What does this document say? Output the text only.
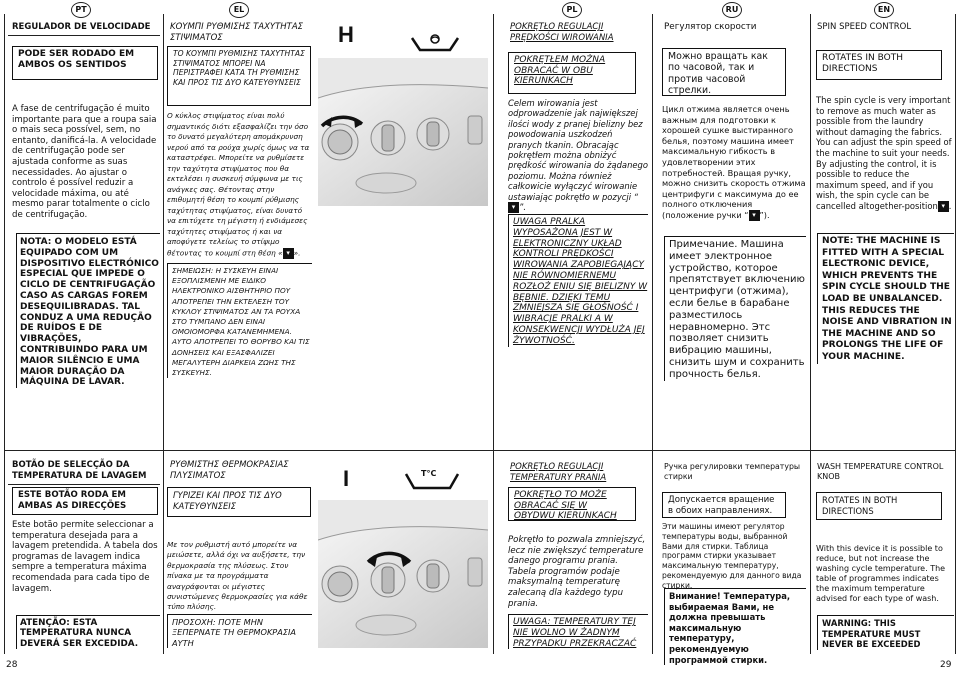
PT	EL	PL	RU	EN
REGULADOR DE VELOCIDADE
PODE SER RODADO EM AMBOS OS SENTIDOS
A fase de centrifugação é muito importante para que a roupa saia o mais seca possível, sem, no entanto, danificá-la. A velocidade de centrifugação pode ser ajustada conforme as suas necessidades. Ao ajustar o controlo é possível reduzir a velocidade máxima, ou até mesmo parar totalmente o ciclo de centrifugação.
NOTA: O MODELO ESTÁ EQUIPADO COM UM DISPOSITIVO ELECTRÓNICO ESPECIAL QUE IMPEDE O CICLO DE CENTRIFUGAÇÃO CASO AS CARGAS FOREM DESEQUILIBRADAS. TAL CONDUZ A UMA REDUÇÃO DE RUÍDOS E DE VIBRAÇÕES, CONTRIBUINDO PARA UM MAIOR SILÊNCIO E UMA MAIOR DURAÇÃO DA MÁQUINA DE LAVAR.
ΚΟΥΜΠΙ ΡΥΘΜΙΣΗΣ ΤΑΧΥΤΗΤΑΣ ΣΤΙΨΙΜΑΤΟΣ
ΤΟ ΚΟΥΜΠΙ ΡΥΘΜΙΣΗΣ ΤΑΧΥΤΗΤΑΣ ΣΤΙΨΙΜΑΤΟΣ ΜΠΟΡΕΙ ΝΑ ΠΕΡΙΣΤΡΑΦΕΙ ΚΑΤΑ ΤΗ ΡΥΘΜΙΣΗΣ ΚΑΙ ΠΡΟΣ ΤΙΣ ΔΥΟ ΚΑΤΕΥΘΥΝΣΕΙΣ
Ο κύκλος στιψίματος είναι πολύ σημαντικός διότι εξασφαλίζει την όσο το δυνατό μεγαλύτερη απομάκρυνση νερού από τα ρούχα χωρίς όμως να τα καταστρέφει. Μπορείτε να ρυθμίσετε την ταχύτητα στιψίματος που θα εκτελέσει η συσκευή σύμφωνα με τις ανάγκες σας. Θέτοντας στην επιθυμητή θέση το κουμπί ρύθμισης ταχύτητας στιψίματος, είναι δυνατό να επιτύχετε τη μέγιστη ή ενδιάμεσες ταχύτητες στιψίματος ή και να αποφύγετε τελείως το στίψιμο θέτοντας το κουμπί στη θέση « ▾ ».
ΣΗΜΕΙΩΣΗ: Η ΣΥΣΚΕΥΗ ΕΙΝΑΙ ΕΞΟΠΛΙΣΜΕΝΗ ΜΕ ΕΙΔΙΚΟ ΗΛΕΚΤΡΟΝΙΚΟ ΑΙΣΘΗΤΗΡΙΟ ΠΟΥ ΑΠΟΤΡΕΠΕΙ ΤΗΝ ΕΚΤΕΛΕΣΗ ΤΟΥ ΚΥΚΛΟΥ ΣΤΙΨΙΜΑΤΟΣ ΑΝ ΤΑ ΡΟΥΧΑ ΣΤΟ ΤΥΜΠΑΝΟ ΔΕΝ ΕΙΝΑΙ ΟΜΟΙΟΜΟΡΦΑ ΚΑΤΑΝΕΜΗΜΕΝΑ. ΑΥΤΟ ΑΠΟΤΡΕΠΕΙ ΤΟ ΘΟΡΥΒΟ ΚΑΙ ΤΙΣ ΔΟΝΗΣΕΙΣ ΚΑΙ ΕΞΑΣΦΑΛΙΖΕΙ ΜΕΓΑΛΥΤΕΡΗ ΔΙΑΡΚΕΙΑ ΖΩΗΣ ΤΗΣ ΣΥΣΚΕΥΗΣ.
H	POKRĘTŁO REGULACJI PRĘDKOŚCI WIROWANIA
POKRĘTŁEM MOŻNA OBRACAĆ W OBU KIERUNKACH
Celem wirowania jest odprowadzenie jak największej ilości wody z pranej bielizny bez powodowania uszkodzeń pranych tkanin. Obracając pokrętłem można obniżyć prędkość wirowania do żądanego poziomu. Można również całkowicie wyłączyć wirowanie ustawiając pokrętło w pozycji “▾ ”.
UWAGA PRALKA WYPOSAŻONA JEST W ELEKTRONICZNY UKŁAD KONTROLI PRĘDKOŚCI WIROWANIA ZAPOBIEGAJĄCY NIE RÓWNOMIERNEMU ROZŁOŻ ENIU SIĘ BIELIZNY W BĘBNIE. DZIĘKI TEMU ZMNIEJSZA SIĘ GŁOŚNOŚĆ I WIBRACJE PRALKI A W KONSEKWENCJI WYDŁUŻA JEJ ŻYWOTNOŚĆ.
Регулятор скорости
Можно вращать как по часовой, так и против часовой стрелки.
Цикл отжима является очень важным для подготовки к хорошей сушке выстиранного белья, поэтому машина имеет максимальную гибкость в удовлетворении этих потребностей. Вращая ручку, можно снизить скорость отжима центрифуги с максимума до ее полного отключения (положение ручки “ ▾ ”).
Примечание. Машина имеет электронное устройство, которое препятствует включению центрифуги (отжима), если белье в барабане размеcтилось неравномерно. Этс позволяет снизить вибрацию машины, снизить шум и сохранить прочность белья.
SPIN SPEED CONTROL
ROTATES IN BOTH DIRECTIONS
The spin cycle is very important to remove as much water as possible from the laundry without damaging the fabrics. You can adjust the spin speed of the machine to suit your needs. By adjusting the control, it is possible to reduce the maximum speed, and if you wish, the spin cycle can be cancelled altogether-position ▾ .
NOTE: THE MACHINE IS FITTED WITH A SPECIAL ELECTRONIC DEVICE, WHICH PREVENTS THE SPIN CYCLE SHOULD THE LOAD BE UNBALANCED. THIS REDUCES THE NOISE AND VIBRATION IN THE MACHINE AND SO PROLONGS THE LIFE OF YOUR MACHINE.
BOTÃO DE SELECÇÃO DA TEMPERATURA DE LAVAGEM
ESTE BOTÃO RODA EM AMBAS AS DIRECÇÕES
Este botão permite seleccionar a temperatura desejada para a lavagem pretendida. A tabela dos programas de lavagem indica sempre a temperatura máxima recomendada para cada tipo de lavagem.
ATENÇÃO: ESTA TEMPERATURA NUNCA DEVERÁ SER EXCEDIDA.
ΡΥΘΜΙΣΤΗΣ ΘΕΡΜΟΚΡΑΣΙΑΣ ΠΛΥΣΙΜΑΤΟΣ
ΓΥΡΙΖΕΙ ΚΑΙ ΠΡΟΣ ΤΙΣ ΔΥΟ ΚΑΤΕΥΘΥΝΣΕΙΣ
Με τον ρυθμιστή αυτό μπορείτε να μειώσετε, αλλά όχι να αυξήσετε, την θερμοκρασία της πλύσεως. Στον πίνακα με τα προγράμματα αναγράφονται οι μέγιστες συνιστώμενες θερμοκρασίες για κάθε τύπο πλύσης.
ΠΡΟΣΟΧΗ: ΠΟΤΕ ΜΗΝ ΞΕΠΕΡΝΑΤΕ ΤΗ ΘΕΡΜΟΚΡΑΣΙΑ ΑΥΤΗ
I	T°C
POKRĘTŁO REGULACJI TEMPERATURY PRANIA
POKRĘTŁO TO MOŻE OBRACAĆ SIĘ W OBYDWU KIERUNKACH
Pokrętło to pozwala zmniejszyć, lecz nie zwiększyć temperature danego programu prania. Tabela programów podaje maksymalną temperaturę zalecaną dla każdego typu prania.
UWAGA: TEMPERATURY TEJ NIE WOLNO W ŻADNYM PRZYPADKU PRZEKRACZAĆ
Ручка регулировки температуры стирки
Допускается вращение в обоих направлениях.
Эти машины имеют регулятор температуры воды, выбранной Вами для стирки. Таблица программ стирки указывает максимальную температуру, рекомендуемую для данного вида стирки.
Внимание! Температура, выбираемая Вами, не должна превышать максимальную температуру, рекомендуемую программой стирки.
WASH TEMPERATURE CONTROL KNOB
ROTATES IN BOTH DIRECTIONS
With this device it is possible to reduce, but not increase the washing cycle temperature. The table of programmes indicates the maximum temperature advised for each type of wash.
WARNING: THIS TEMPERATURE MUST NEVER BE EXCEEDED
28	29
